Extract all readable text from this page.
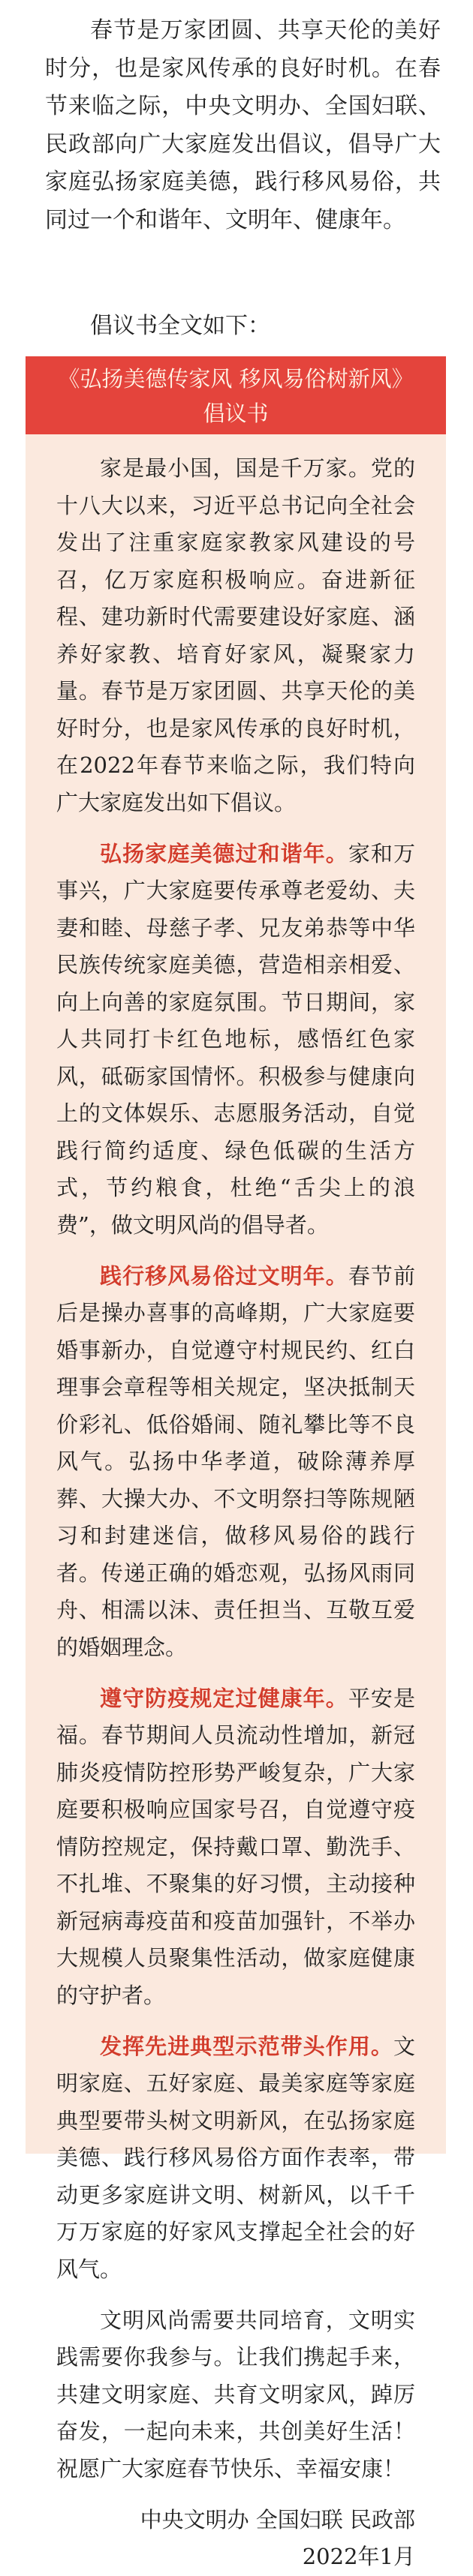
春节是万家团圆、共享天伦的美好时分，也是家风传承的良好时机。在春节来临之际，中央文明办、全国妇联、民政部向广大家庭发出倡议，倡导广大家庭弘扬家庭美德，践行移风易俗，共同过一个和谐年、文明年、健康年。

倡议书全文如下：

《弘扬美德传家风 移风易俗树新风》
倡议书

家是最小国，国是千万家。党的十八大以来，习近平总书记向全社会发出了注重家庭家教家风建设的号召，亿万家庭积极响应。奋进新征程、建功新时代需要建设好家庭、涵养好家教、培育好家风，凝聚家力量。春节是万家团圆、共享天伦的美好时分，也是家风传承的良好时机，在2022年春节来临之际，我们特向广大家庭发出如下倡议。

弘扬家庭美德过和谐年。家和万事兴，广大家庭要传承尊老爱幼、夫妻和睦、母慈子孝、兄友弟恭等中华民族传统家庭美德，营造相亲相爱、向上向善的家庭氛围。节日期间，家人共同打卡红色地标，感悟红色家风，砥砺家国情怀。积极参与健康向上的文体娱乐、志愿服务活动，自觉践行简约适度、绿色低碳的生活方式，节约粮食，杜绝“舌尖上的浪费”，做文明风尚的倡导者。

践行移风易俗过文明年。春节前后是操办喜事的高峰期，广大家庭要婚事新办，自觉遵守村规民约、红白理事会章程等相关规定，坚决抵制天价彩礼、低俗婚闹、随礼攀比等不良风气。弘扬中华孝道，破除薄养厚葬、大操大办、不文明祭扫等陈规陋习和封建迷信，做移风易俗的践行者。传递正确的婚恋观，弘扬风雨同舟、相濡以沫、责任担当、互敬互爱的婚姻理念。

遵守防疫规定过健康年。平安是福。春节期间人员流动性增加，新冠肺炎疫情防控形势严峻复杂，广大家庭要积极响应国家号召，自觉遵守疫情防控规定，保持戴口罩、勤洗手、不扎堆、不聚集的好习惯，主动接种新冠病毒疫苗和疫苗加强针，不举办大规模人员聚集性活动，做家庭健康的守护者。

发挥先进典型示范带头作用。文明家庭、五好家庭、最美家庭等家庭典型要带头树文明新风，在弘扬家庭美德、践行移风易俗方面作表率，带动更多家庭讲文明、树新风，以千千万万家庭的好家风支撑起全社会的好风气。

文明风尚需要共同培育，文明实践需要你我参与。让我们携起手来，共建文明家庭、共育文明家风，踔厉奋发，一起向未来，共创美好生活！祝愿广大家庭春节快乐、幸福安康！

中央文明办 全国妇联 民政部

2022年1月
